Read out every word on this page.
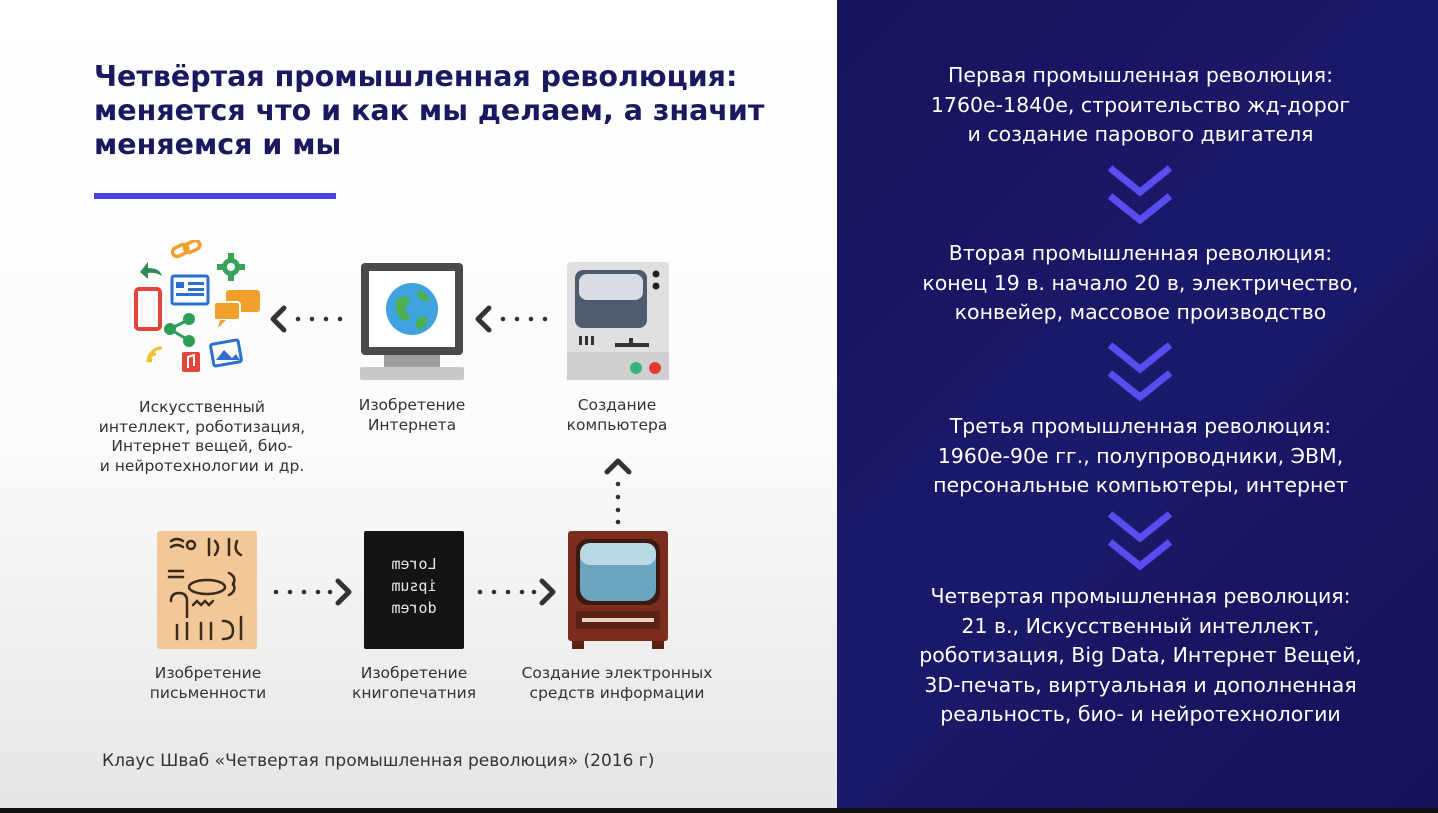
Четвёртая промышленная революция:
меняется что и как мы делаем, а значит
меняемся и мы
Искусственный
интеллект, роботизация,
Интернет вещей, био-
и нейротехнологии и др.
Изобретение
Интернета
Создание
компьютера
Lorem
ipsum
dorem
Изобретение
письменности
Изобретение
книгопечатния
Создание электронных
средств информации
Клаус Шваб «Четвертая промышленная революция» (2016 г)
Первая промышленная революция:
1760е-1840е, строительство жд-дорог
и создание парового двигателя
Вторая промышленная революция:
конец 19 в. начало 20 в, электричество,
конвейер, массовое производство
Третья промышленная революция:
1960е-90е гг., полупроводники, ЭВМ,
персональные компьютеры, интернет
Четвертая промышленная революция:
21 в., Искусственный интеллект,
роботизация, Big Data, Интернет Вещей,
3D-печать, виртуальная и дополненная
реальность, био- и нейротехнологии
